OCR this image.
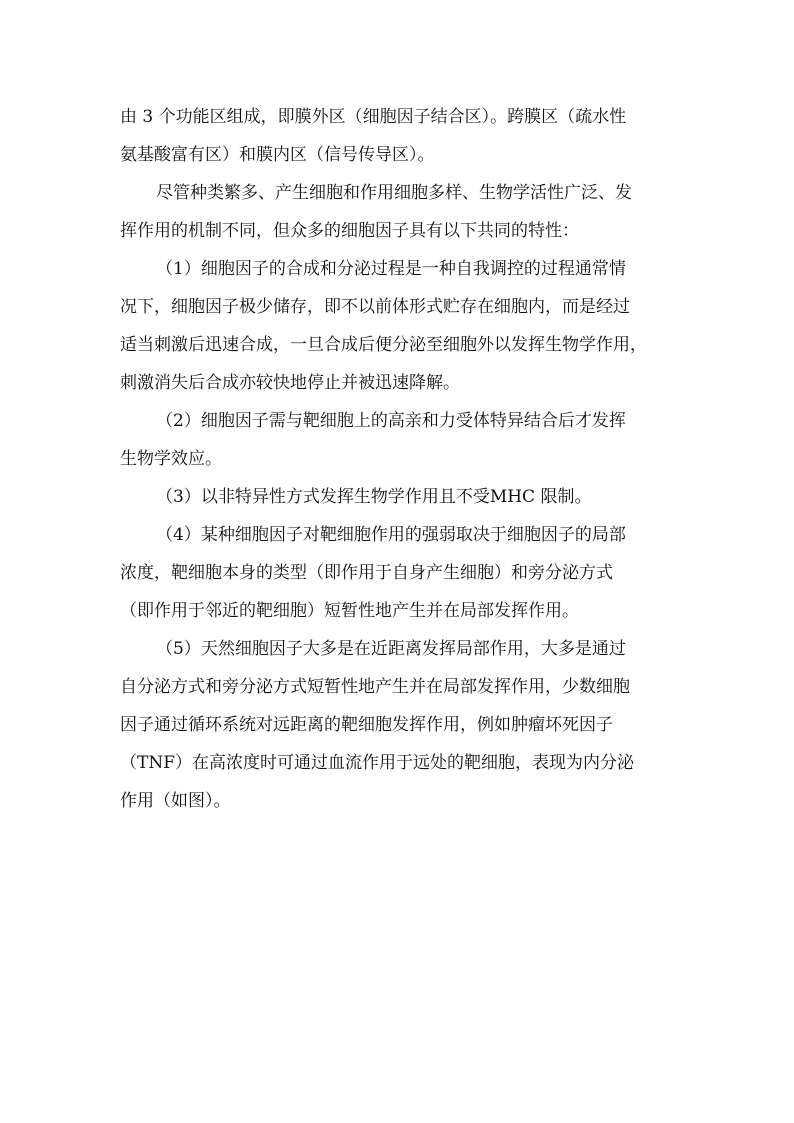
由 3 个功能区组成，即膜外区（细胞因子结合区）。跨膜区（疏水性
氨基酸富有区）和膜内区（信号传导区）。
尽管种类繁多、产生细胞和作用细胞多样、生物学活性广泛、发
挥作用的机制不同，但众多的细胞因子具有以下共同的特性：
（1）细胞因子的合成和分泌过程是一种自我调控的过程通常情
况下，细胞因子极少储存，即不以前体形式贮存在细胞内，而是经过
适当刺激后迅速合成，一旦合成后便分泌至细胞外以发挥生物学作用，
刺激消失后合成亦较快地停止并被迅速降解。
（2）细胞因子需与靶细胞上的高亲和力受体特异结合后才发挥
生物学效应。
（3）以非特异性方式发挥生物学作用且不受MHC 限制。
（4）某种细胞因子对靶细胞作用的强弱取决于细胞因子的局部
浓度，靶细胞本身的类型（即作用于自身产生细胞）和旁分泌方式
（即作用于邻近的靶细胞）短暂性地产生并在局部发挥作用。
（5）天然细胞因子大多是在近距离发挥局部作用，大多是通过
自分泌方式和旁分泌方式短暂性地产生并在局部发挥作用，少数细胞
因子通过循环系统对远距离的靶细胞发挥作用，例如肿瘤坏死因子
（TNF）在高浓度时可通过血流作用于远处的靶细胞，表现为内分泌
作用（如图）。
